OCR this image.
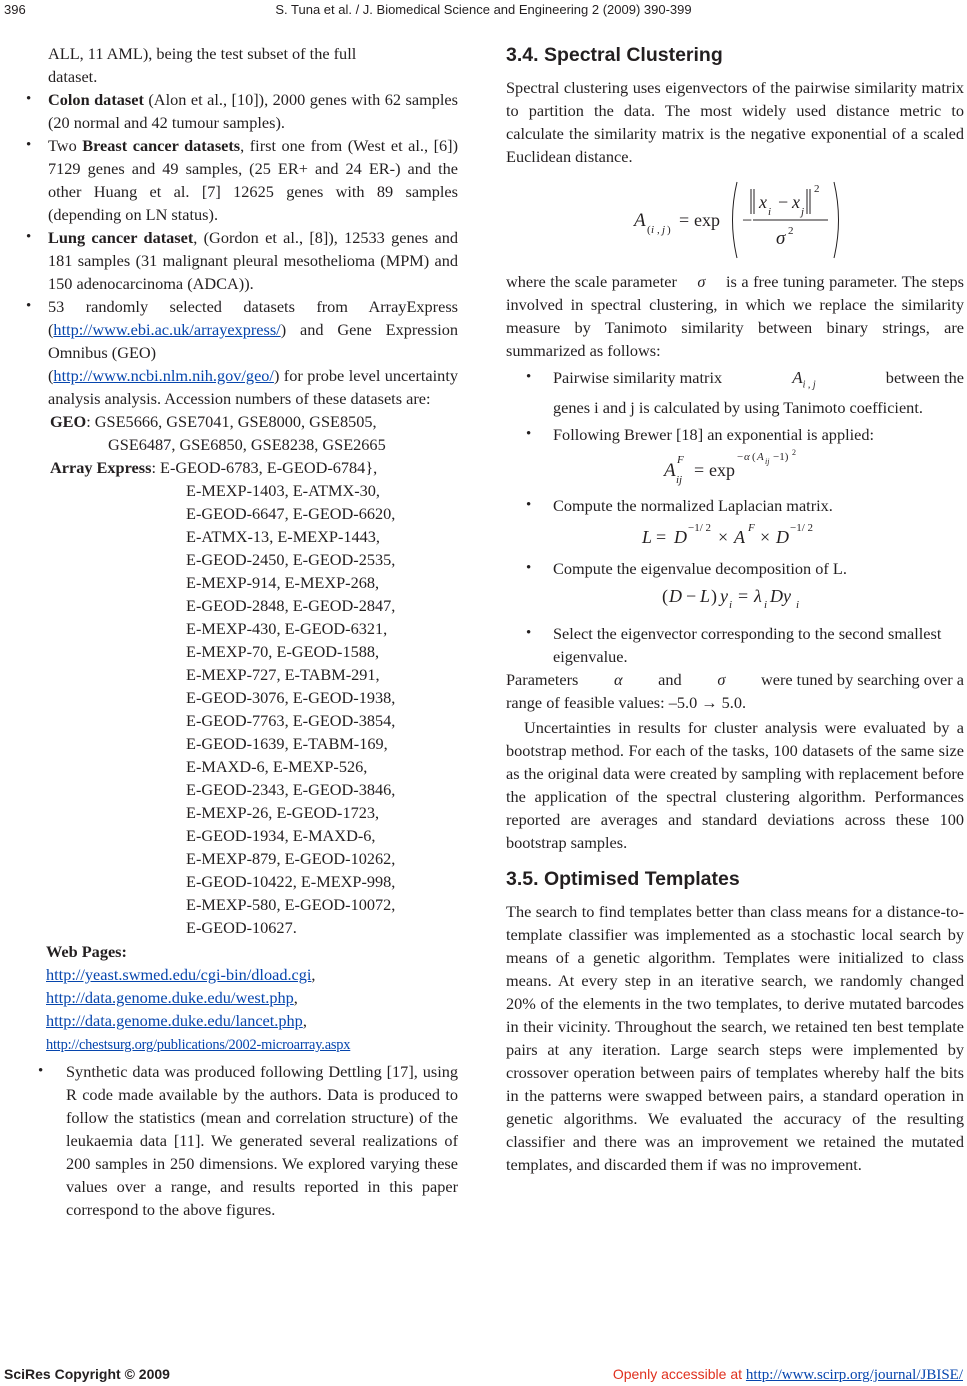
396	S. Tuna et al. / J. Biomedical Science and Engineering 2 (2009) 390-399

ALL, 11 AML), being the test subset of the full
dataset.

• Colon dataset (Alon et al., [10]), 2000 genes with 62 samples (20 normal and 42 tumour samples).

• Two Breast cancer datasets, first one from (West et al., [6]) 7129 genes and 49 samples, (25 ER+ and 24 ER-) and the other Huang et al. [7] 12625 genes with 89 samples (depending on LN status).

• Lung cancer dataset, (Gordon et al., [8]), 12533 genes and 181 samples (31 malignant pleural mesothelioma (MPM) and 150 adenocarcinoma (ADCA)).

• 53 randomly selected datasets from ArrayExpress (http://www.ebi.ac.uk/arrayexpress/) and Gene Expression Omnibus (GEO)
(http://www.ncbi.nlm.nih.gov/geo/) for probe level uncertainty analysis analysis. Accession numbers of these datasets are:

GEO: GSE5666, GSE7041, GSE8000, GSE8505,
GSE6487, GSE6850, GSE8238, GSE2665
Array Express: E-GEOD-6783, E-GEOD-6784},
E-MEXP-1403, E-ATMX-30,
E-GEOD-6647, E-GEOD-6620,
E-ATMX-13, E-MEXP-1443,
E-GEOD-2450, E-GEOD-2535,
E-MEXP-914, E-MEXP-268,
E-GEOD-2848, E-GEOD-2847,
E-MEXP-430, E-GEOD-6321,
E-MEXP-70, E-GEOD-1588,
E-MEXP-727, E-TABM-291,
E-GEOD-3076, E-GEOD-1938,
E-GEOD-7763, E-GEOD-3854,
E-GEOD-1639, E-TABM-169,
E-MAXD-6, E-MEXP-526,
E-GEOD-2343, E-GEOD-3846,
E-MEXP-26, E-GEOD-1723,
E-GEOD-1934, E-MAXD-6,
E-MEXP-879, E-GEOD-10262,
E-GEOD-10422, E-MEXP-998,
E-MEXP-580, E-GEOD-10072,
E-GEOD-10627.
Web Pages:
http://yeast.swmed.edu/cgi-bin/dload.cgi,
http://data.genome.duke.edu/west.php,
http://data.genome.duke.edu/lancet.php,
http://chestsurg.org/publications/2002-microarray.aspx

• Synthetic data was produced following Dettling [17], using R code made available by the authors. Data is produced to follow the statistics (mean and correlation structure) of the leukaemia data [11]. We generated several realizations of 200 samples in 250 dimensions. We explored varying these values over a range, and results reported in this paper correspond to the above figures.

3.4. Spectral Clustering

Spectral clustering uses eigenvectors of the pairwise similarity matrix to partition the data. The most widely used distance metric to calculate the similarity matrix is the negative exponential of a scaled Euclidean distance.

A ( i , j ) = exp −
x i − x j
2
σ 2

where the scale parameter σ is a free tuning parameter. The steps involved in spectral clustering, in which we replace the similarity measure by Tanimoto similarity between binary strings, are summarized as follows:

• Pairwise similarity matrix	$A_{i , j}$	between the
genes i and j is calculated by using Tanimoto coefficient.

• Following Brewer [18] an exponential is applied:

A F
ij = exp
− α ( A ij −1) 2

• Compute the normalized Laplacian matrix.

L = D −1/ 2 × A F × D −1/ 2

• Compute the eigenvalue decomposition of L.

( D − L ) y i = λ i Dy i

• Select the eigenvector corresponding to the second smallest eigenvalue.

Parameters α and σ were tuned by searching over a
range of feasible values: –5.0 → 5.0.

Uncertainties in results for cluster analysis were evaluated by a bootstrap method. For each of the tasks, 100 datasets of the same size as the original data were created by sampling with replacement before the application of the spectral clustering algorithm. Performances reported are averages and standard deviations across these 100 bootstrap samples.

3.5. Optimised Templates

The search to find templates better than class means for a distance-to-template classifier was implemented as a stochastic local search by means of a genetic algorithm. Templates were initialized to class means. At every step in an iterative search, we randomly changed 20% of the elements in the two templates, to derive mutated barcodes in their vicinity. Throughout the search, we retained ten best template pairs at any iteration. Large search steps were implemented by crossover operation between pairs of templates whereby half the bits in the patterns were swapped between pairs, a standard operation in genetic algorithms. We evaluated the accuracy of the resulting classifier and there was an improvement we retained the mutated templates, and discarded them if was no improvement.

SciRes Copyright © 2009	Openly accessible at http://www.scirp.org/journal/JBISE/
